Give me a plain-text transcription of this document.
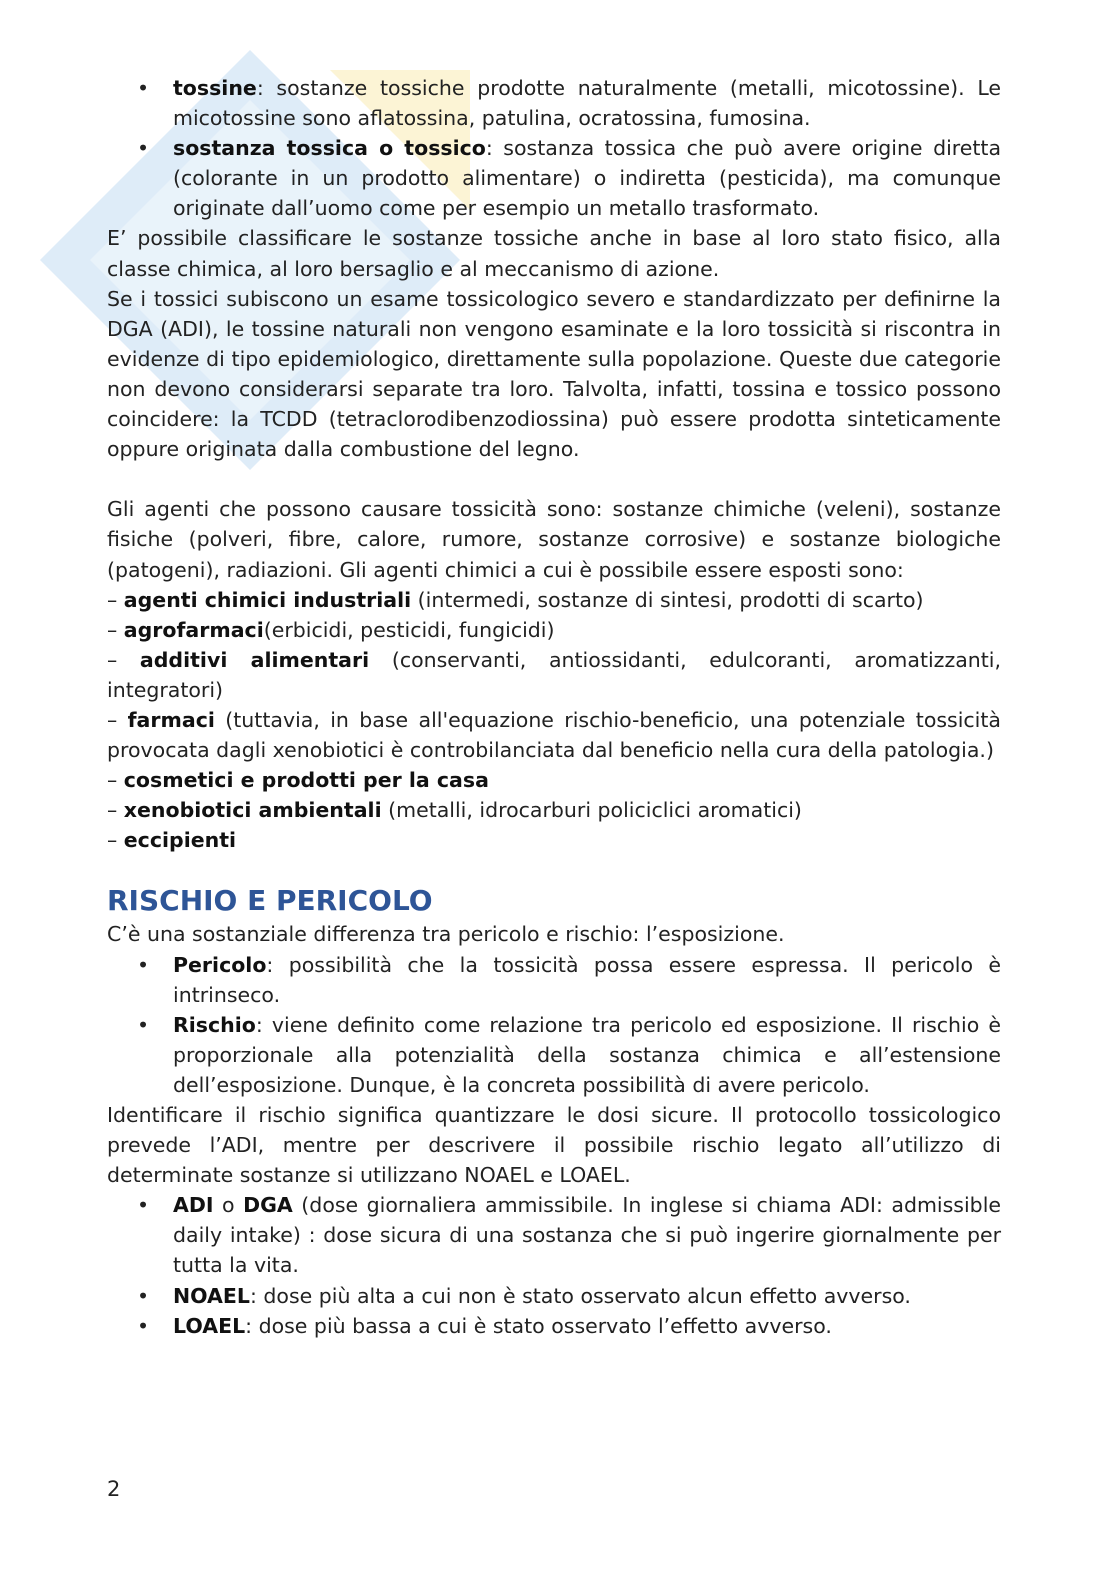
• tossine: sostanze tossiche prodotte naturalmente (metalli, micotossine). Le micotossine sono aflatossina, patulina, ocratossina, fumosina.
• sostanza tossica o tossico: sostanza tossica che può avere origine diretta (colorante in un prodotto alimentare) o indiretta (pesticida), ma comunque originate dall’uomo come per esempio un metallo trasformato.

E’ possibile classificare le sostanze tossiche anche in base al loro stato fisico, alla classe chimica, al loro bersaglio e al meccanismo di azione.

Se i tossici subiscono un esame tossicologico severo e standardizzato per definirne la DGA (ADI), le tossine naturali non vengono esaminate e la loro tossicità si riscontra in evidenze di tipo epidemiologico, direttamente sulla popolazione. Queste due categorie non devono considerarsi separate tra loro. Talvolta, infatti, tossina e tossico possono coincidere: la TCDD (tetraclorodibenzodiossina) può essere prodotta sinteticamente oppure originata dalla combustione del legno.

Gli agenti che possono causare tossicità sono: sostanze chimiche (veleni), sostanze fisiche (polveri, fibre, calore, rumore, sostanze corrosive) e sostanze biologiche (patogeni), radiazioni. Gli agenti chimici a cui è possibile essere esposti sono:

– agenti chimici industriali (intermedi, sostanze di sintesi, prodotti di scarto)

– agrofarmaci(erbicidi, pesticidi, fungicidi)

– additivi alimentari (conservanti, antiossidanti, edulcoranti, aromatizzanti, integratori)

– farmaci (tuttavia, in base all'equazione rischio-beneficio, una potenziale tossicità provocata dagli xenobiotici è controbilanciata dal beneficio nella cura della patologia.)

– cosmetici e prodotti per la casa

– xenobiotici ambientali (metalli, idrocarburi policiclici aromatici)

– eccipienti

RISCHIO E PERICOLO

C’è una sostanziale differenza tra pericolo e rischio: l’esposizione.

• Pericolo: possibilità che la tossicità possa essere espressa. Il pericolo è intrinseco.
• Rischio: viene definito come relazione tra pericolo ed esposizione. Il rischio è proporzionale alla potenzialità della sostanza chimica e all’estensione dell’esposizione. Dunque, è la concreta possibilità di avere pericolo.

Identificare il rischio significa quantizzare le dosi sicure. Il protocollo tossicologico prevede l’ADI, mentre per descrivere il possibile rischio legato all’utilizzo di determinate sostanze si utilizzano NOAEL e LOAEL.

• ADI o DGA (dose giornaliera ammissibile. In inglese si chiama ADI: admissible daily intake) : dose sicura di una sostanza che si può ingerire giornalmente per tutta la vita.
• NOAEL: dose più alta a cui non è stato osservato alcun effetto avverso.
• LOAEL: dose più bassa a cui è stato osservato l’effetto avverso.
2
